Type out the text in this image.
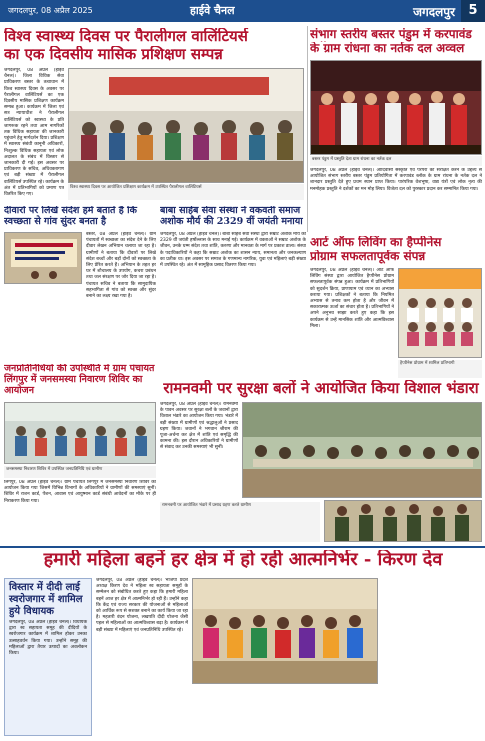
जगदलपुर, 08 अप्रैल 2025	हाईवे चैनल	जगदलपुर	5
विश्व स्वास्थ्य दिवस पर पैरालीगल वालिंटियर्स
का एक दिवसीय मासिक प्रशिक्षण सम्पन्न
जगदलपुर, 08 अप्रैल (हाईवे चैनल)। जिला विधिक सेवा प्राधिकरण बस्तर के तत्वाधान में विश्व स्वास्थ्य दिवस के अवसर पर पैरालीगल वालिंटियर्स का एक दिवसीय मासिक प्रशिक्षण कार्यक्रम सम्पन्न हुआ। कार्यक्रम में जिला एवं सत्र न्यायाधीश ने पैरालीगल वालिंटियर्स को स्वास्थ्य के प्रति जागरूक रहने तथा आम नागरिकों तक विधिक सहायता की जानकारी पहुंचाने हेतु मार्गदर्शन दिया। प्रशिक्षण में स्वास्थ्य संबंधी कानूनी अधिकारों, निःशुल्क विधिक सहायता एवं लोक अदालत के संबंध में विस्तार से जानकारी दी गई। इस अवसर पर प्राधिकरण के सचिव, अधिवक्तागण एवं बड़ी संख्या में पैरालीगल वालिंटियर्स उपस्थित रहे। कार्यक्रम के अंत में प्रतिभागियों को प्रमाण पत्र वितरित किए गए।
विश्व स्वास्थ्य दिवस पर आयोजित प्रशिक्षण कार्यक्रम में उपस्थित पैरालीगल वालिंटियर्स
संभाग स्तरीय बस्तर पंडुम में करपावंड
के ग्राम रांधना का नर्तक दल अव्वल
बस्तर पंडुम में प्रस्तुति देता ग्राम रांधना का नर्तक दल
जगदलपुर, 08 अप्रैल (हाईवे चैनल)। आदिवासी संस्कृति एवं परंपरा को संरक्षित करने के उद्देश्य से आयोजित संभाग स्तरीय बस्तर पंडुम प्रतियोगिता में करपावंड ब्लॉक के ग्राम रांधना के नर्तक दल ने शानदार प्रस्तुति देते हुए प्रथम स्थान प्राप्त किया। पारंपरिक वेशभूषा, वाद्य यंत्रों एवं लोक नृत्य की मनमोहक प्रस्तुति ने दर्शकों का मन मोह लिया। विजेता दल को पुरस्कार प्रदान कर सम्मानित किया गया।
दीवारों पर लिखे संदेश हमें बताते हैं कि स्वच्छता से गांव सुंदर बनता है
बस्तर, 08 अप्रैल (हाईवे चैनल)। ग्राम पंचायतों में स्वच्छता का संदेश देने के लिए दीवार लेखन अभियान चलाया जा रहा है। ग्रामीणों ने बताया कि दीवारों पर लिखे संदेश बच्चों और बड़ों दोनों को स्वच्छता के लिए प्रेरित करते हैं। अभियान के तहत हर घर में शौचालय के उपयोग, कचरा प्रबंधन तथा जल संरक्षण पर जोर दिया जा रहा है। पंचायत सचिव ने बताया कि सामुदायिक सहभागिता से गांव को स्वच्छ और सुंदर बनाने का लक्ष्य रखा गया है।
बाबा साहेब सेवा संस्था ने वकवती समाज अशोक मौर्य की 2329 वीं जयंती मनाया
जगदलपुर, 08 अप्रैल (हाईवे चैनल)। बाबा साहेब सेवा संस्था द्वारा सम्राट अशोक मौर्य की 2329 वीं जयंती हर्षोल्लास के साथ मनाई गई। कार्यक्रम में वक्ताओं ने सम्राट अशोक के जीवन, उनके धम्म संदेश तथा शांति, करुणा और मानवता के मार्ग पर प्रकाश डाला। संस्था के पदाधिकारियों ने कहा कि सम्राट अशोक का शासन न्याय, समानता और जनकल्याण का प्रतीक था। इस अवसर पर समाज के गणमान्य नागरिक, युवा एवं महिलाएं बड़ी संख्या में उपस्थित रहे। अंत में सामूहिक प्रसाद वितरण किया गया।
आर्ट ऑफ लिविंग का हैप्पीनेस
प्रोग्राम सफलतापूर्वक संपन्न
जगदलपुर, 08 अप्रैल (हाईवे चैनल)। आर्ट ऑफ लिविंग संस्था द्वारा आयोजित हैप्पीनेस प्रोग्राम सफलतापूर्वक संपन्न हुआ। कार्यक्रम में प्रतिभागियों को सुदर्शन क्रिया, प्राणायाम एवं ध्यान का अभ्यास कराया गया। प्रशिक्षकों ने बताया कि नियमित अभ्यास से तनाव कम होता है और जीवन में सकारात्मक ऊर्जा का संचार होता है। प्रतिभागियों ने अपने अनुभव साझा करते हुए कहा कि इस कार्यक्रम से उन्हें मानसिक शांति और आत्मविश्वास मिला।
हैप्पीनेस प्रोग्राम में शामिल प्रतिभागी
जनप्रतिनिधियों की उपस्थिति में ग्राम पंचायत लिंगपुर में जनसमस्या निवारण शिविर का आयोजन
जनसमस्या निवारण शिविर में उपस्थित जनप्रतिनिधि एवं ग्रामीण
लिंगपुर, 08 अप्रैल (हाईवे चैनल)। ग्राम पंचायत लिंगपुर में जनसमस्या निवारण शिविर का आयोजन किया गया जिसमें विभिन्न विभागों के अधिकारियों ने ग्रामीणों की समस्याएं सुनीं। शिविर में राशन कार्ड, पेंशन, आवास एवं आयुष्मान कार्ड संबंधी आवेदनों का मौके पर ही निराकरण किया गया।
रामनवमी पर सुरक्षा बलों ने आयोजित किया विशाल भंडारा
जगदलपुर, 08 अप्रैल (हाईवे चैनल)। रामनवमी के पावन अवसर पर सुरक्षा बलों के जवानों द्वारा विशाल भंडारे का आयोजन किया गया। भंडारे में बड़ी संख्या में ग्रामीणों एवं श्रद्धालुओं ने प्रसाद ग्रहण किया। जवानों ने भगवान श्रीराम की पूजा-अर्चना कर क्षेत्र में शांति एवं समृद्धि की कामना की। इस दौरान अधिकारियों ने ग्रामीणों से संवाद कर उनकी समस्याएं भी सुनीं।
रामनवमी पर आयोजित भंडारे में प्रसाद ग्रहण करते ग्रामीण
हमारी महिला बहनें हर क्षेत्र में हो रही आत्मनिर्भर - किरण देव
विस्तार में दीदी लाई स्वरोजगार में शामिल हुये विधायक
जगदलपुर, 08 अप्रैल (हाईवे चैनल)। विधायक द्वारा स्व सहायता समूह की दीदियों के स्वरोजगार कार्यक्रम में शामिल होकर उनका उत्साहवर्धन किया गया। उन्होंने समूह की महिलाओं द्वारा तैयार उत्पादों का अवलोकन किया।
जगदलपुर, 08 अप्रैल (हाईवे चैनल)। भाजपा प्रदेश अध्यक्ष किरण देव ने महिला स्व सहायता समूहों के सम्मेलन को संबोधित करते हुए कहा कि हमारी महिला बहनें आज हर क्षेत्र में आत्मनिर्भर हो रही हैं। उन्होंने कहा कि केंद्र एवं राज्य सरकार की योजनाओं से महिलाओं को आर्थिक रूप से सशक्त बनाने का कार्य किया जा रहा है। महतारी वंदन योजना, लखपति दीदी योजना जैसी पहल से महिलाओं का आत्मविश्वास बढ़ा है। कार्यक्रम में बड़ी संख्या में महिलाएं एवं जनप्रतिनिधि उपस्थित रहे।
